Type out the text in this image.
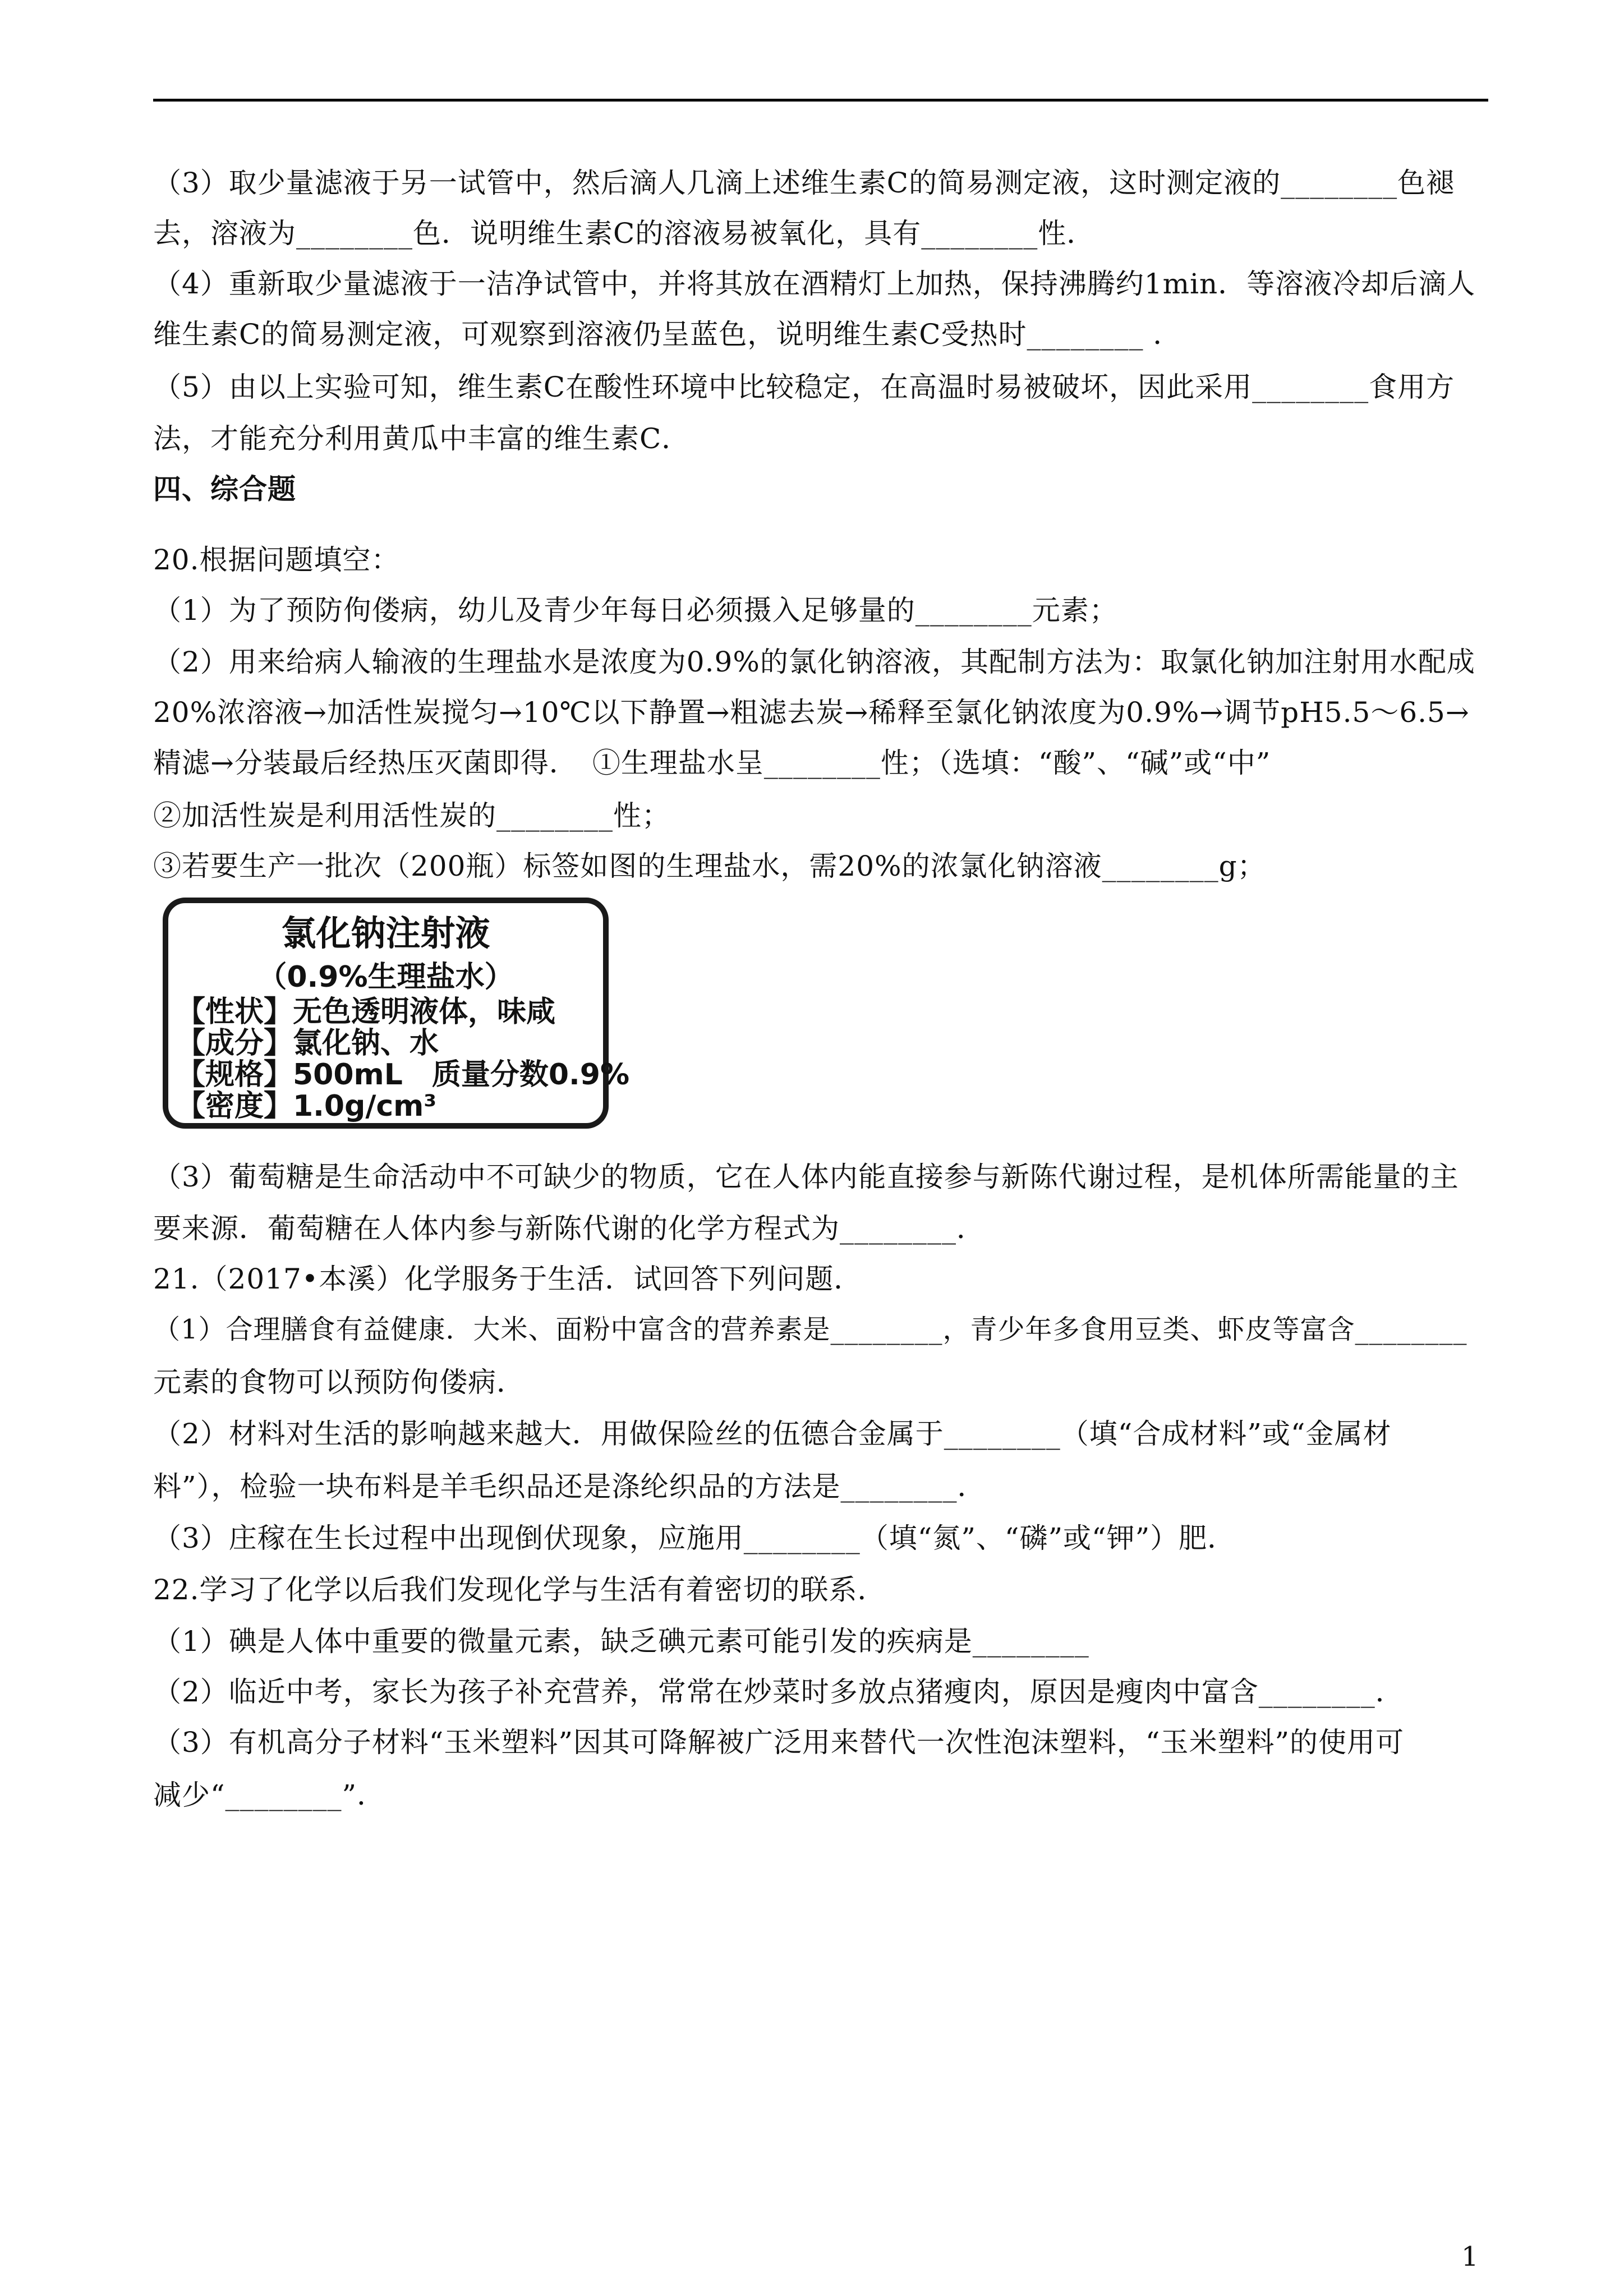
（3）取少量滤液于另一试管中，然后滴人几滴上述维生素C的简易测定液，这时测定液的________色褪
去，溶液为________色．说明维生素C的溶液易被氧化，具有________性．
（4）重新取少量滤液于一洁净试管中，并将其放在酒精灯上加热，保持沸腾约1min．等溶液冷却后滴人
维生素C的简易测定液，可观察到溶液仍呈蓝色，说明维生素C受热时________ ．
（5）由以上实验可知，维生素C在酸性环境中比较稳定，在高温时易被破坏，因此采用________食用方
法，才能充分利用黄瓜中丰富的维生素C．
四、综合题
20.根据问题填空：
（1）为了预防佝偻病，幼儿及青少年每日必须摄入足够量的________元素；
（2）用来给病人输液的生理盐水是浓度为0.9%的氯化钠溶液，其配制方法为：取氯化钠加注射用水配成
20%浓溶液→加活性炭搅匀→10℃以下静置→粗滤去炭→稀释至氯化钠浓度为0.9%→调节pH5.5～6.5→
精滤→分装最后经热压灭菌即得．　①生理盐水呈________性；（选填：“酸”、“碱”或“中”
②加活性炭是利用活性炭的________性；
③若要生产一批次（200瓶）标签如图的生理盐水，需20%的浓氯化钠溶液________g；
氯化钠注射液
（0.9%生理盐水）
【性状】无色透明液体，味咸
【成分】氯化钠、水
【规格】500mL　质量分数0.9%
【密度】1.0g/cm³
（3）葡萄糖是生命活动中不可缺少的物质，它在人体内能直接参与新陈代谢过程，是机体所需能量的主
要来源．葡萄糖在人体内参与新陈代谢的化学方程式为________．
21.（2017•本溪）化学服务于生活．试回答下列问题．
（1）合理膳食有益健康．大米、面粉中富含的营养素是________，青少年多食用豆类、虾皮等富含________
元素的食物可以预防佝偻病．
（2）材料对生活的影响越来越大．用做保险丝的伍德合金属于________（填“合成材料”或“金属材
料”），检验一块布料是羊毛织品还是涤纶织品的方法是________．
（3）庄稼在生长过程中出现倒伏现象，应施用________（填“氮”、“磷”或“钾”）肥．
22.学习了化学以后我们发现化学与生活有着密切的联系．
（1）碘是人体中重要的微量元素，缺乏碘元素可能引发的疾病是________
（2）临近中考，家长为孩子补充营养，常常在炒菜时多放点猪瘦肉，原因是瘦肉中富含________．
（3）有机高分子材料“玉米塑料”因其可降解被广泛用来替代一次性泡沫塑料，“玉米塑料”的使用可
减少“________”．
1
